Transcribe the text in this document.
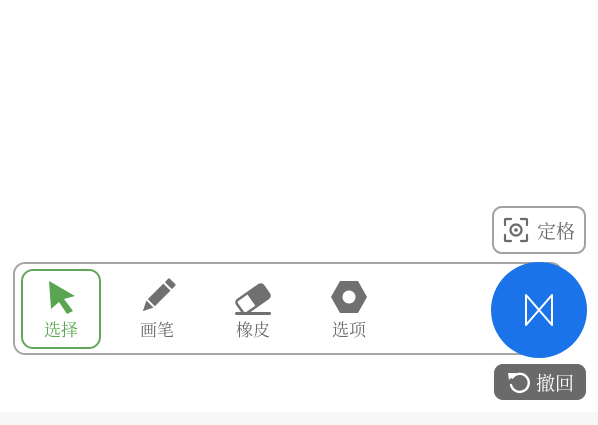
定格
选择	画笔	橡皮	选项
撤回
